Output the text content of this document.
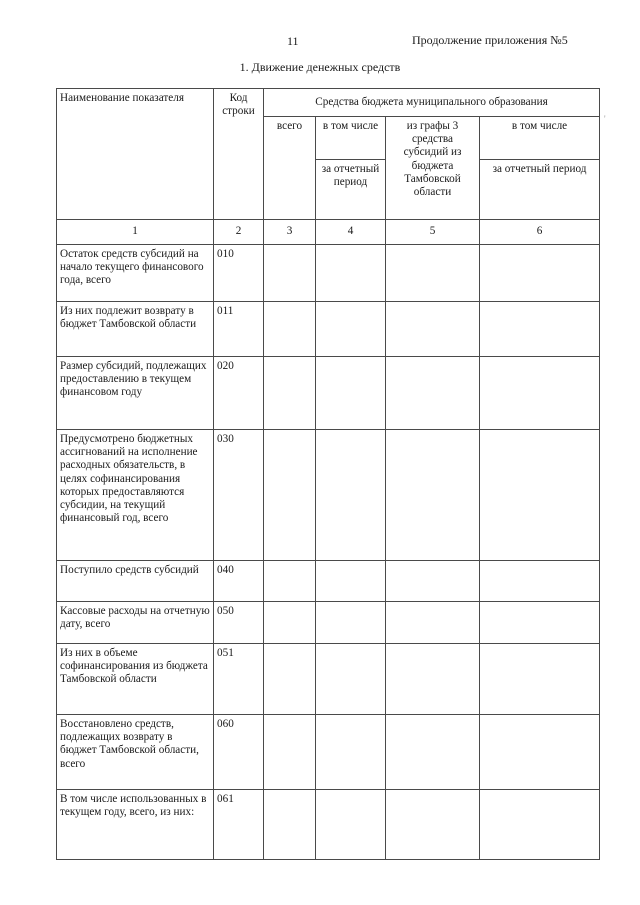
11	Продолжение приложения №5
1. Движение денежных средств
'
Наименование показателя	Код строки	Средства бюджета муниципального образования			
		всего	в том числе	из графы 3 средства субсидий из бюджета Тамбовской области	в том числе
			за отчетный период		за отчетный период
1	2	3	4	5	6
Остаток средств субсидий на начало текущего финансового года, всего	010				
Из них подлежит возврату в бюджет Тамбовской области	011				
Размер субсидий, подлежащих предоставлению в текущем финансовом году	020				
Предусмотрено бюджетных ассигнований на исполнение расходных обязательств, в целях софинансирования которых предоставляются субсидии, на текущий финансовый год, всего	030				
Поступило средств субсидий	040				
Кассовые расходы на отчетную дату, всего	050				
Из них в объеме софинансирования из бюджета Тамбовской области	051				
Восстановлено средств, подлежащих возврату в бюджет Тамбовской области, всего	060				
В том числе использованных в текущем году, всего, из них:	061				
